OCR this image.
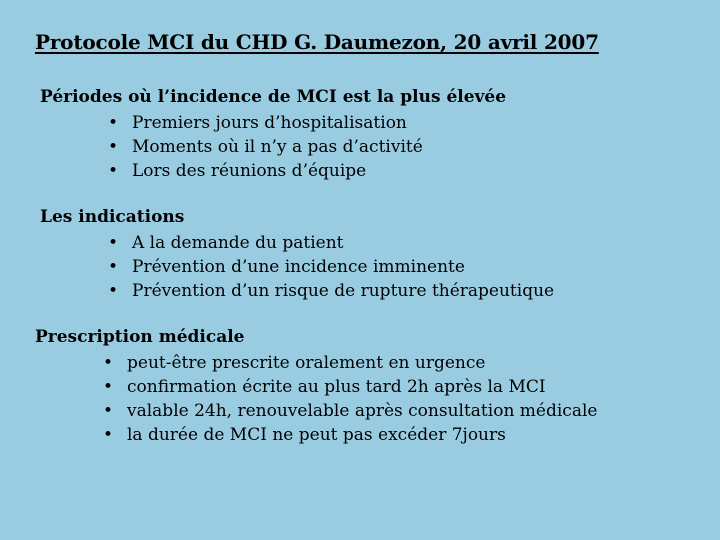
Protocole MCI du CHD G. Daumezon, 20 avril 2007
Périodes où l’incidence de MCI est la plus élevée
• Premiers jours d’hospitalisation
• Moments où il n’y a pas d’activité
• Lors des réunions d’équipe
Les indications
• A la demande du patient
• Prévention d’une incidence imminente
• Prévention d’un risque de rupture thérapeutique
Prescription médicale
• peut-être prescrite oralement en urgence
• confirmation écrite au plus tard 2h après la MCI
• valable 24h, renouvelable après consultation médicale
• la durée de MCI ne peut pas excéder 7jours
